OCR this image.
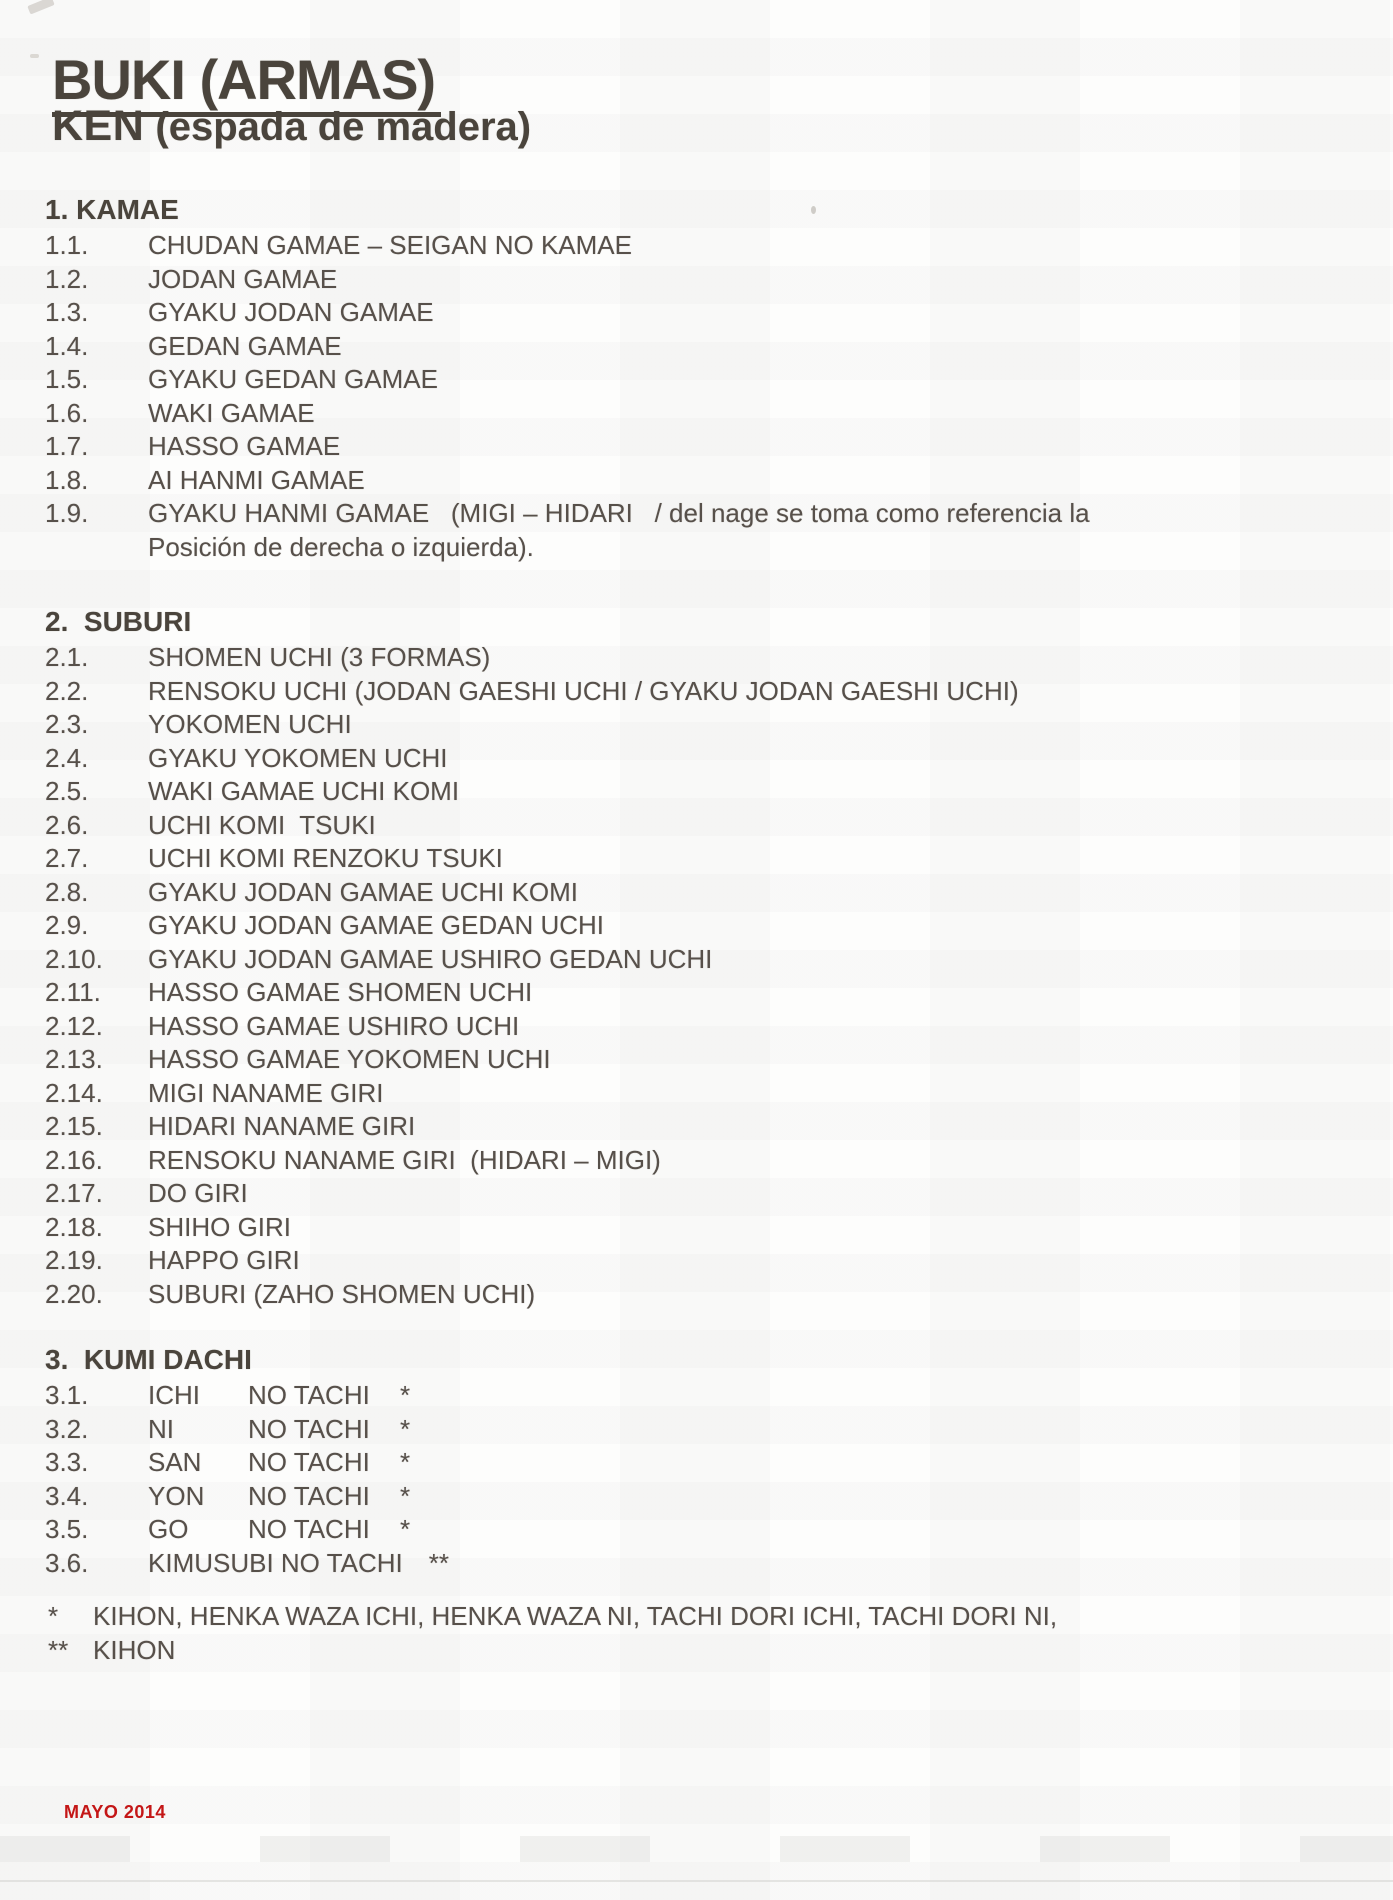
BUKI (ARMAS)
KEN (espada de madera)
1. KAMAE
1.1. CHUDAN GAMAE – SEIGAN NO KAMAE
1.2. JODAN GAMAE
1.3. GYAKU JODAN GAMAE
1.4. GEDAN GAMAE
1.5. GYAKU GEDAN GAMAE
1.6. WAKI GAMAE
1.7. HASSO GAMAE
1.8. AI HANMI GAMAE
1.9. GYAKU HANMI GAMAE   (MIGI – HIDARI   / del nage se toma como referencia la
Posición de derecha o izquierda).
2.  SUBURI
2.1. SHOMEN UCHI (3 FORMAS)
2.2. RENSOKU UCHI (JODAN GAESHI UCHI / GYAKU JODAN GAESHI UCHI)
2.3. YOKOMEN UCHI
2.4. GYAKU YOKOMEN UCHI
2.5. WAKI GAMAE UCHI KOMI
2.6. UCHI KOMI  TSUKI
2.7. UCHI KOMI RENZOKU TSUKI
2.8. GYAKU JODAN GAMAE UCHI KOMI
2.9. GYAKU JODAN GAMAE GEDAN UCHI
2.10. GYAKU JODAN GAMAE USHIRO GEDAN UCHI
2.11. HASSO GAMAE SHOMEN UCHI
2.12. HASSO GAMAE USHIRO UCHI
2.13. HASSO GAMAE YOKOMEN UCHI
2.14. MIGI NANAME GIRI
2.15. HIDARI NANAME GIRI
2.16. RENSOKU NANAME GIRI  (HIDARI – MIGI)
2.17. DO GIRI
2.18. SHIHO GIRI
2.19. HAPPO GIRI
2.20. SUBURI (ZAHO SHOMEN UCHI)
3.  KUMI DACHI
3.1. ICHI NO TACHI *
3.2. NI	NO TACHI *
3.3. SAN NO TACHI *
3.4. YON NO TACHI *
3.5. GO NO TACHI *
3.6. KIMUSUBI NO TACHI **
* KIHON, HENKA WAZA ICHI, HENKA WAZA NI, TACHI DORI ICHI, TACHI DORI NI,
** KIHON
MAYO 2014
